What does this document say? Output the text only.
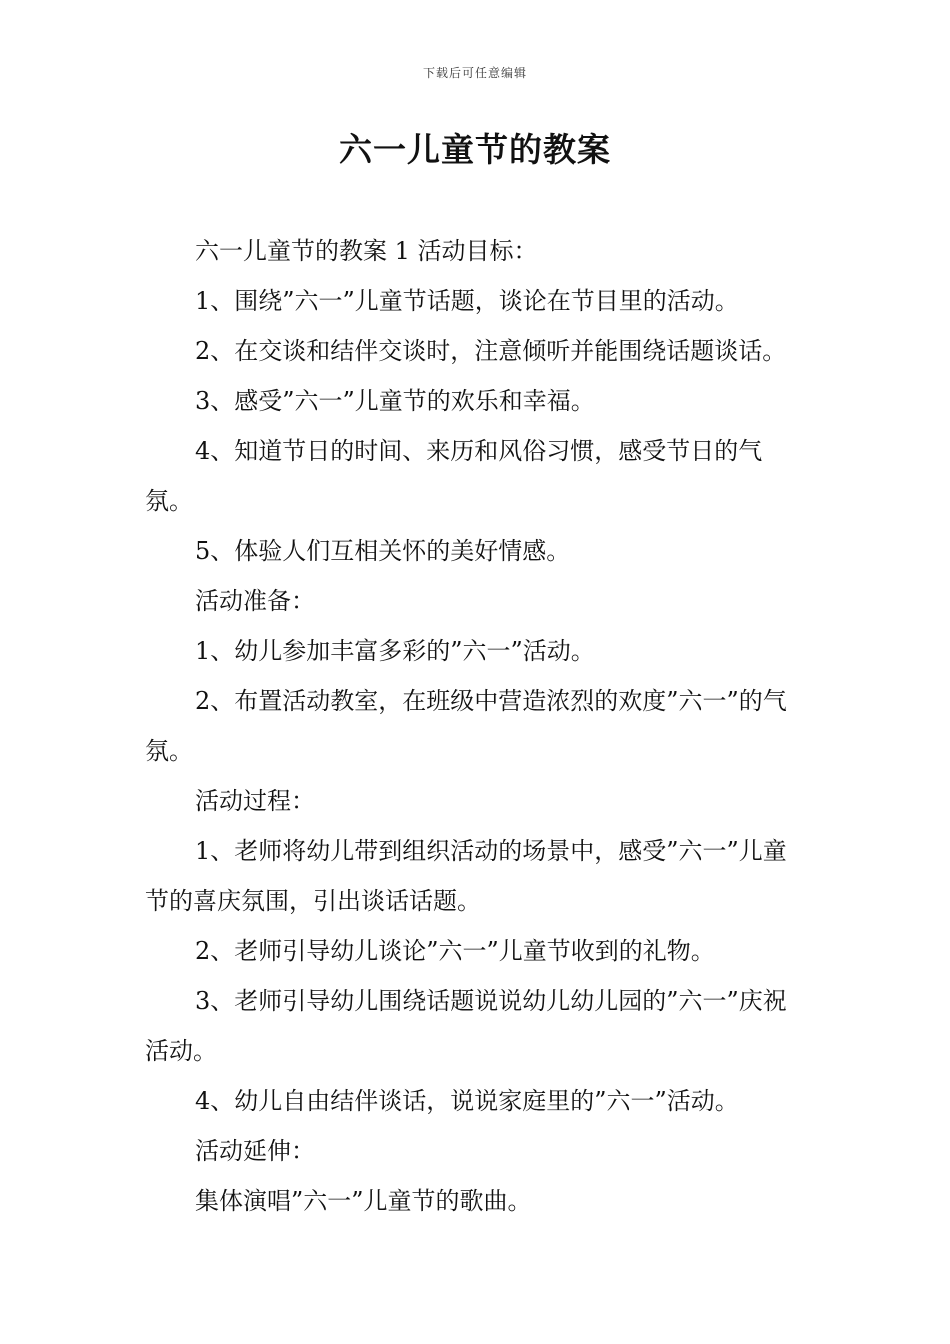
下载后可任意编辑
六一儿童节的教案

六一儿童节的教案 1 活动目标：

1、围绕”六一”儿童节话题，谈论在节目里的活动。

2、在交谈和结伴交谈时，注意倾听并能围绕话题谈话。

3、感受”六一”儿童节的欢乐和幸福。

4、知道节日的时间、来历和风俗习惯，感受节日的气氛。

5、体验人们互相关怀的美好情感。

活动准备：

1、幼儿参加丰富多彩的”六一”活动。

2、布置活动教室，在班级中营造浓烈的欢度”六一”的气氛。

活动过程：

1、老师将幼儿带到组织活动的场景中，感受”六一”儿童节的喜庆氛围，引出谈话话题。

2、老师引导幼儿谈论”六一”儿童节收到的礼物。

3、老师引导幼儿围绕话题说说幼儿幼儿园的”六一”庆祝活动。

4、幼儿自由结伴谈话，说说家庭里的”六一”活动。

活动延伸：

集体演唱”六一”儿童节的歌曲。
